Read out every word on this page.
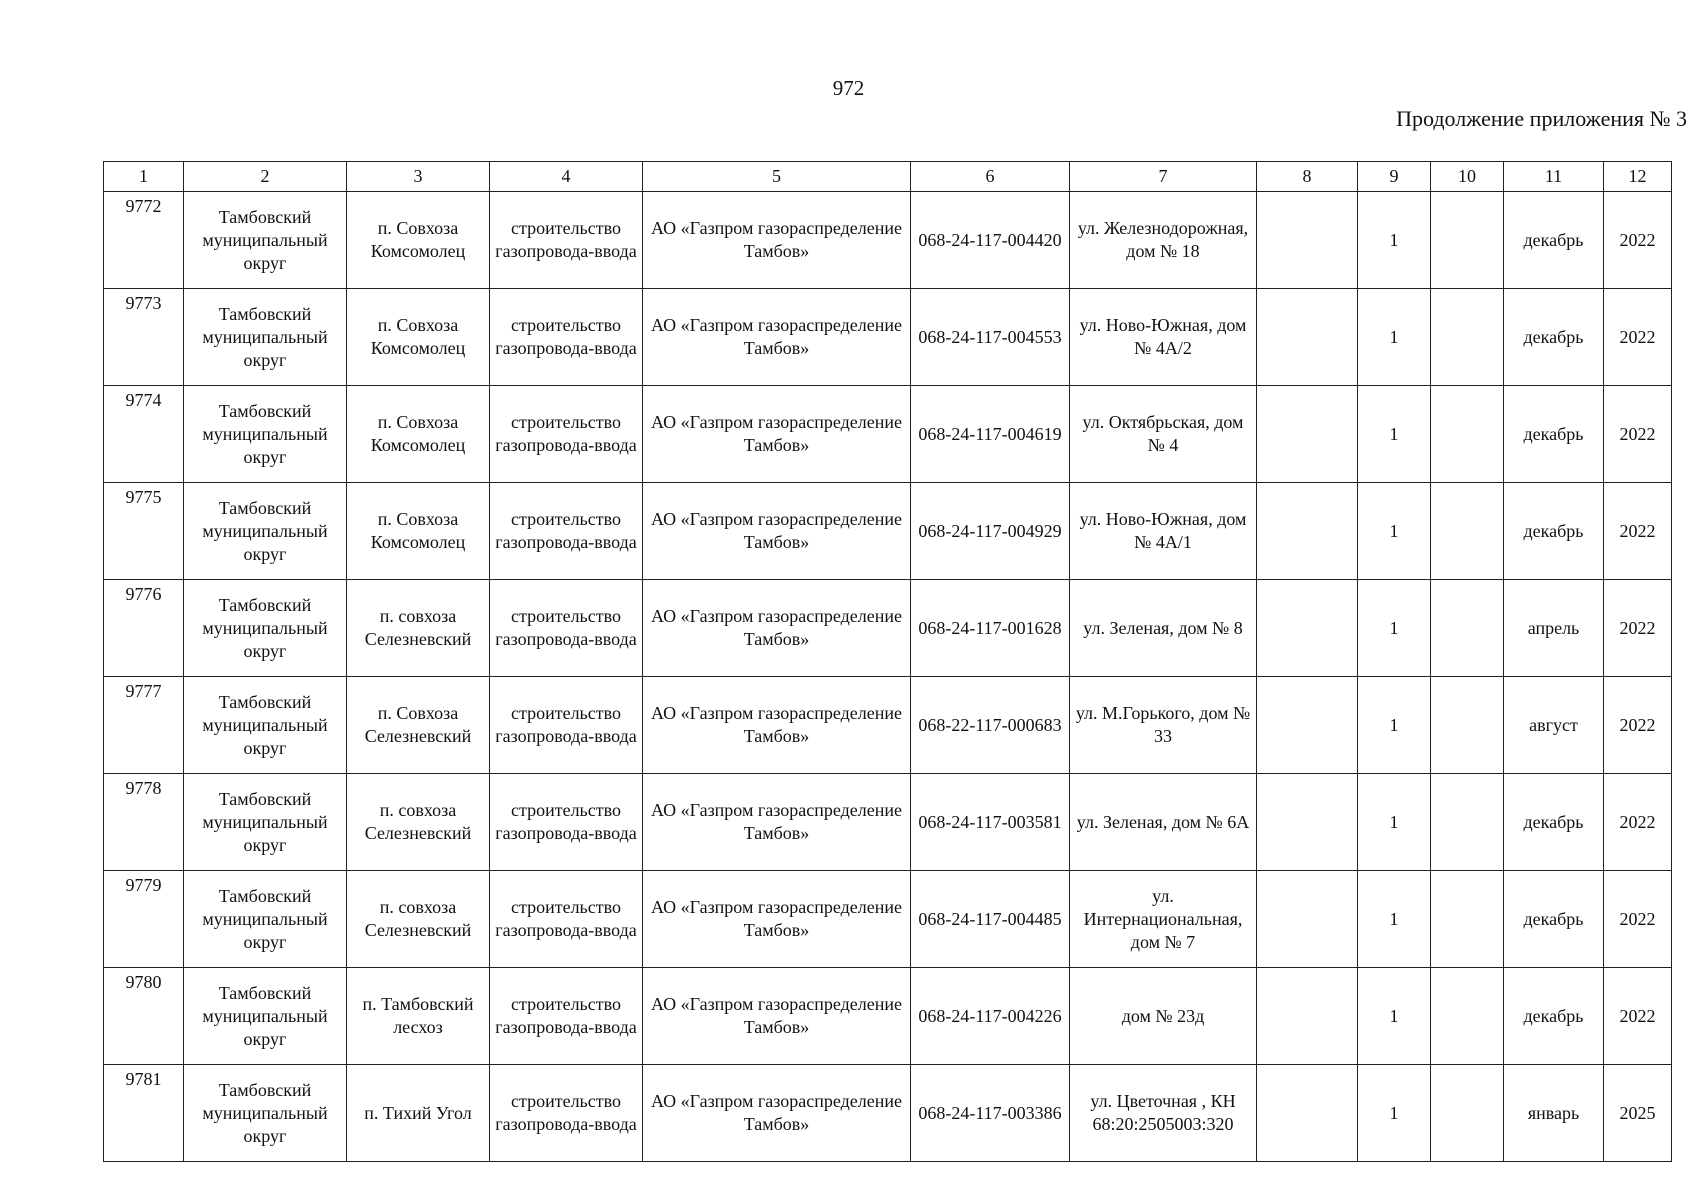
972
Продолжение приложения № 3
1	2	3	4	5	6	7	8	9	10	11	12
9772	Тамбовский муниципальный округ	п. Совхоза Комсомолец	строительство газопровода-ввода	АО «Газпром газораспределение Тамбов»	068-24-117-004420	ул. Железнодорожная, дом № 18		1		декабрь	2022
9773	Тамбовский муниципальный округ	п. Совхоза Комсомолец	строительство газопровода-ввода	АО «Газпром газораспределение Тамбов»	068-24-117-004553	ул. Ново-Южная, дом № 4А/2		1		декабрь	2022
9774	Тамбовский муниципальный округ	п. Совхоза Комсомолец	строительство газопровода-ввода	АО «Газпром газораспределение Тамбов»	068-24-117-004619	ул. Октябрьская, дом № 4		1		декабрь	2022
9775	Тамбовский муниципальный округ	п. Совхоза Комсомолец	строительство газопровода-ввода	АО «Газпром газораспределение Тамбов»	068-24-117-004929	ул. Ново-Южная, дом № 4А/1		1		декабрь	2022
9776	Тамбовский муниципальный округ	п. совхоза Селезневский	строительство газопровода-ввода	АО «Газпром газораспределение Тамбов»	068-24-117-001628	ул. Зеленая, дом № 8		1		апрель	2022
9777	Тамбовский муниципальный округ	п. Совхоза Селезневский	строительство газопровода-ввода	АО «Газпром газораспределение Тамбов»	068-22-117-000683	ул. М.Горького, дом № 33		1		август	2022
9778	Тамбовский муниципальный округ	п. совхоза Селезневский	строительство газопровода-ввода	АО «Газпром газораспределение Тамбов»	068-24-117-003581	ул. Зеленая, дом № 6А		1		декабрь	2022
9779	Тамбовский муниципальный округ	п. совхоза Селезневский	строительство газопровода-ввода	АО «Газпром газораспределение Тамбов»	068-24-117-004485	ул. Интернациональная, дом № 7		1		декабрь	2022
9780	Тамбовский муниципальный округ	п. Тамбовский лесхоз	строительство газопровода-ввода	АО «Газпром газораспределение Тамбов»	068-24-117-004226	дом № 23д		1		декабрь	2022
9781	Тамбовский муниципальный округ	п. Тихий Угол	строительство газопровода-ввода	АО «Газпром газораспределение Тамбов»	068-24-117-003386	ул. Цветочная , КН 68:20:2505003:320		1		январь	2025
